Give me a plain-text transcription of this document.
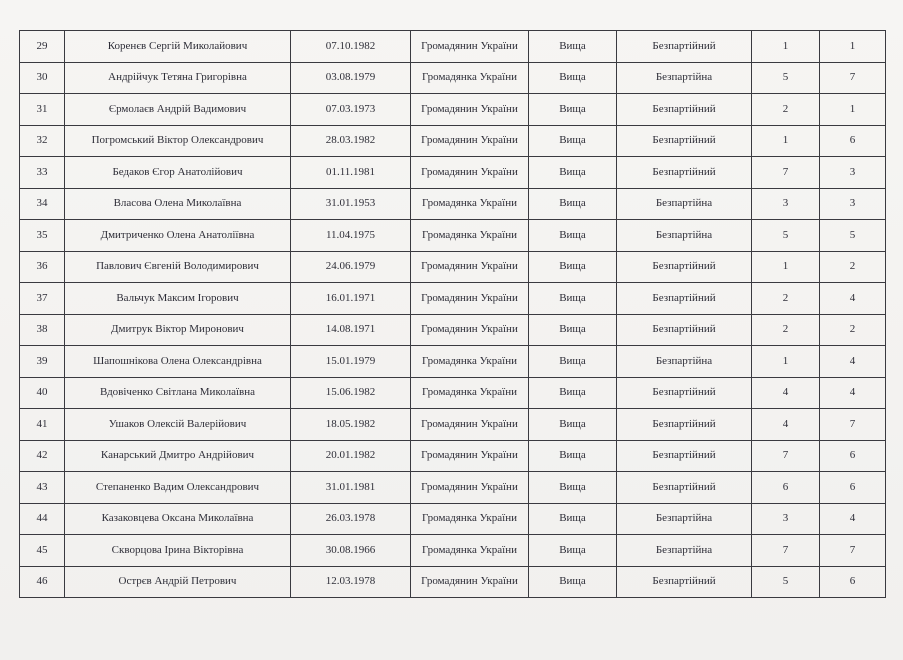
29	Коренєв Сергій Миколайович	07.10.1982	Громадянин України	Вища	Безпартійний	1	1
30	Андрійчук Тетяна Григорівна	03.08.1979	Громадянка України	Вища	Безпартійна	5	7
31	Єрмолаєв Андрій Вадимович	07.03.1973	Громадянин України	Вища	Безпартійний	2	1
32	Погромський Віктор Олександрович	28.03.1982	Громадянин України	Вища	Безпартійний	1	6
33	Бедаков Єгор Анатолійович	01.11.1981	Громадянин України	Вища	Безпартійний	7	3
34	Власова Олена Миколаївна	31.01.1953	Громадянка України	Вища	Безпартійна	3	3
35	Дмитриченко Олена Анатоліївна	11.04.1975	Громадянка України	Вища	Безпартійна	5	5
36	Павлович Євгеній Володимирович	24.06.1979	Громадянин України	Вища	Безпартійний	1	2
37	Вальчук Максим Ігорович	16.01.1971	Громадянин України	Вища	Безпартійний	2	4
38	Дмитрук Віктор Миронович	14.08.1971	Громадянин України	Вища	Безпартійний	2	2
39	Шапошнікова Олена Олександрівна	15.01.1979	Громадянка України	Вища	Безпартійна	1	4
40	Вдовіченко Світлана Миколаївна	15.06.1982	Громадянка України	Вища	Безпартійний	4	4
41	Ушаков Олексій Валерійович	18.05.1982	Громадянин України	Вища	Безпартійний	4	7
42	Канарський Дмитро Андрійович	20.01.1982	Громадянин України	Вища	Безпартійний	7	6
43	Степаненко Вадим Олександрович	31.01.1981	Громадянин України	Вища	Безпартійний	6	6
44	Казаковцева Оксана Миколаївна	26.03.1978	Громадянка України	Вища	Безпартійна	3	4
45	Скворцова Ірина Вікторівна	30.08.1966	Громадянка України	Вища	Безпартійна	7	7
46	Острєв Андрій Петрович	12.03.1978	Громадянин України	Вища	Безпартійний	5	6
